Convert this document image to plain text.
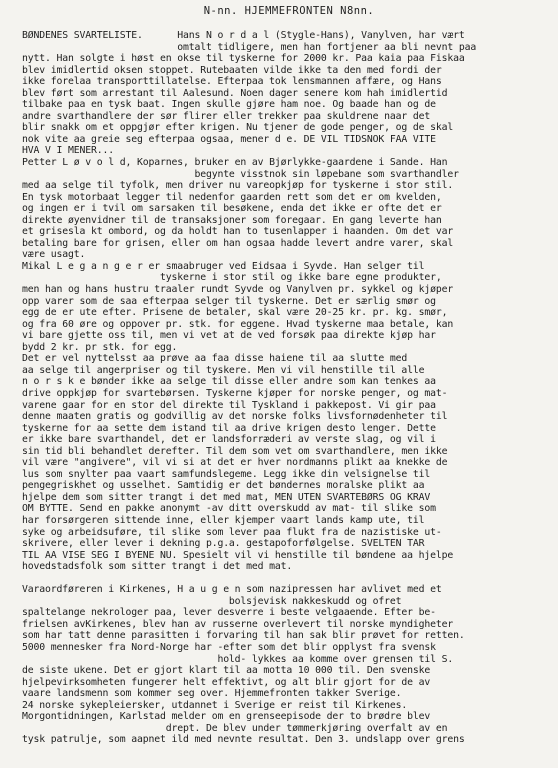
N-nn. HJEMMEFRONTEN N8nn.
BØNDENES SVARTELISTE.      Hans N o r d a l (Stygle-Hans), Vanylven, har vært
omtalt tidligere, men han fortjener aa bli nevnt paa
nytt. Han solgte i høst en okse til tyskerne for 2000 kr. Paa kaia paa Fiskaa
blev imidlertid oksen stoppet. Rutebaaten vilde ikke ta den med fordi der
ikke forelaa transporttillatelse. Efterpaa tok lensmannen affære, og Hans
blev ført som arrestant til Aalesund. Noen dager senere kom hah imidlertid
tilbake paa en tysk baat. Ingen skulle gjøre ham noe. Og baade han og de
andre svarthandlere der sør flirer eller trekker paa skuldrene naar det
blir snakk om et oppgjør efter krigen. Nu tjener de gode penger, og de skal
nok vite aa greie seg efterpaa ogsaa, mener d e. DE VIL TIDSNOK FAA VITE
HVA V I MENER...
Petter L ø v o l d, Koparnes, bruker en av Bjørlykke-gaardene i Sande. Han
begynte visstnok sin løpebane som svarthandler
med aa selge til tyfolk, men driver nu vareopkjøp for tyskerne i stor stil.
En tysk motorbaat legger til nedenfor gaarden rett som det er om kvelden,
og ingen er i tvil om sarsaken til besøkene, enda det ikke er ofte det er
direkte øyenvidner til de transaksjoner som foregaar. En gang leverte han
et grisesla kt ombord, og da holdt han to tusenlapper i haanden. Om det var
betaling bare for grisen, eller om han ogsaa hadde levert andre varer, skal
være usagt.
Mikal L e g a n g e r er smaabruger ved Eidsaa i Syvde. Han selger til
tyskerne i stor stil og ikke bare egne produkter,
men han og hans hustru traaler rundt Syvde og Vanylven pr. sykkel og kjøper
opp varer som de saa efterpaa selger til tyskerne. Det er særlig smør og
egg de er ute efter. Prisene de betaler, skal være 20-25 kr. pr. kg. smør,
og fra 60 øre og oppover pr. stk. for eggene. Hvad tyskerne maa betale, kan
vi bare gjette oss til, men vi vet at de ved forsøk paa direkte kjøp har
bydd 2 kr. pr stk. for egg.
Det er vel nyttelsst aa prøve aa faa disse haiene til aa slutte med
aa selge til angerpriser og til tyskere. Men vi vil henstille til alle
n o r s k e bønder ikke aa selge til disse eller andre som kan tenkes aa
drive oppkjøp for svartebørsen. Tyskerne kjøper for norske penger, og mat-
varene gaar for en stor del direkte til Tyskland i pakkepost. Vi gir paa
denne maaten gratis og godvillig av det norske folks livsfornødenheter til
tyskerne for aa sette dem istand til aa drive krigen desto lenger. Dette
er ikke bare svarthandel, det er landsforræderi av verste slag, og vil i
sin tid bli behandlet derefter. Til dem som vet om svarthandlere, men ikke
vil være "angivere", vil vi si at det er hver nordmanns plikt aa knekke de
lus som snylter paa vaart samfundslegeme. Legg ikke din velsignelse til
pengegriskhet og usselhet. Samtidig er det bøndernes moralske plikt aa
hjelpe dem som sitter trangt i det med mat, MEN UTEN SVARTEBØRS OG KRAV
OM BYTTE. Send en pakke anonymt -av ditt overskudd av mat- til slike som
har forsørgeren sittende inne, eller kjemper vaart lands kamp ute, til
syke og arbeidsuføre, til slike som lever paa flukt fra de nazistiske ut-
skrivere, eller lever i dekning p.g.a. gestapoforfølgelse. SVELTEN TAR
TIL AA VISE SEG I BYENE NU. Spesielt vil vi henstille til bøndene aa hjelpe
hovedstadsfolk som sitter trangt i det med mat.
Varaordføreren i Kirkenes, H a u g e n som nazipressen har avlivet med et
bolsjevisk nakkeskudd og ofret
spaltelange nekrologer paa, lever desverre i beste velgaaende. Efter be-
frielsen avKirkenes, blev han av russerne overlevert til norske myndigheter
som har tatt denne parasitten i forvaring til han sak blir prøvet for retten.
5000 mennesker fra Nord-Norge har -efter som det blir opplyst fra svensk
hold- lykkes aa komme over grensen til S.
de siste ukene. Det er gjort klart til aa motta 10 000 til. Den svenske
hjelpevirksomheten fungerer helt effektivt, og alt blir gjort for de av
vaare landsmenn som kommer seg over. Hjemmefronten takker Sverige.
24 norske sykepleiersker, utdannet i Sverige er reist til Kirkenes.
Morgontidningen, Karlstad melder om en grenseepisode der to brødre blev
drept. De blev under tømmerkjøring overfalt av en
tysk patrulje, som aapnet ild med nevnte resultat. Den 3. undslapp over grens
